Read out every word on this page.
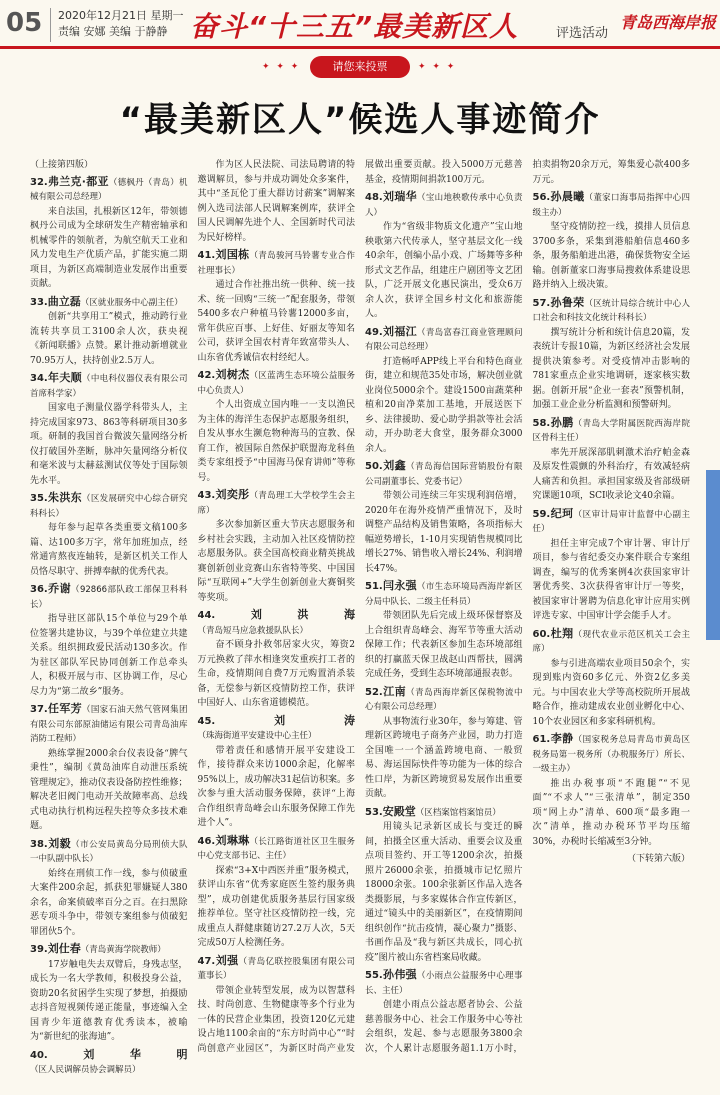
05 2020年12月21日 星期一
责编 安娜 美编 于静静 奋斗“十三五”最美新区人	评选活动
青岛西海岸报
✦ ✦ ✦	请您来投票	✦ ✦ ✦
“最美新区人”候选人事迹简介

（上接第四版）

32.弗兰克·都亚（德枫丹（青岛）机械有限公司总经理）

来自法国，扎根新区12年，带领德枫丹公司成为全球研发生产精密轴承和机械零件的领航者，为航空航天工业和风力发电生产优质产品，扩能实施二期项目，为新区高端制造业发展作出重要贡献。

33.曲立磊（区就业服务中心副主任）

创新“共享用工”模式，推动跨行业流转共享员工3100余人次，获央视《新闻联播》点赞。累计推动新增就业70.95万人，扶持创业2.5万人。

34.年夫顺（中电科仪器仪表有限公司首席科学家）

国家电子测量仪器学科带头人，主持完成国家973、863等科研项目30多项。研制的我国首台微波矢量网络分析仪打破国外垄断，脉冲矢量网络分析仪和毫米波与太赫兹测试仪等处于国际领先水平。

35.朱洪东（区发展研究中心综合研究科科长）

每年参与起草各类重要文稿100多篇、达100多万字，常年加班加点，经常通宵熬夜连轴转，是新区机关工作人员恪尽职守、拼搏奉献的优秀代表。

36.乔谢（92866部队政工部保卫科科长）

指导驻区部队15个单位与29个单位签署共建协议，与39个单位建立共建关系。组织拥政爱民活动130多次。作为驻区部队军民协同创新工作总牵头人，积极开展与市、区协调工作，尽心尽力为“第二故乡”服务。

37.任军芳（国家石油天然气管网集团有限公司东部原油储运有限公司青岛油库消防工程师）

熟练掌握2000余台仪表设备“脾气秉性”，编制《黄岛油库自动泄压系统管理规定》，推动仪表设备防控性维修；解决老旧阀门电动开关故障率高、总线式电动执行机构远程失控等众多技术难题。

38.刘毅（市公安局黄岛分局刑侦大队一中队副中队长）

始终在刑侦工作一线，参与侦破重大案件200余起，抓获犯罪嫌疑人380余名，命案侦破率百分之百。在扫黑除恶专项斗争中，带领专案组参与侦破犯罪团伙5个。

39.刘仕春（青岛黄海学院教师）

17岁触电失去双臂后，身残志坚，成长为一名大学教师，积极投身公益，资助20名贫困学生实现了梦想，拍摄励志抖音短视频传递正能量，事迹编入全国青少年道德教育优秀读本，被喻为“新世纪的张海迪”。

40.刘华明（区人民调解员协会调解员）

作为区人民法院、司法局聘请的特邀调解员，参与并成功调处众多案件，其中“圣瓦伦丁重大群访讨薪案”调解案例入选司法部人民调解案例库，获评全国人民调解先进个人、全国新时代司法为民好榜样。

41.刘国栋（青岛骏河马铃薯专业合作社理事长）

通过合作社推出统一供种、统一技术、统一回购“三统一”配套服务，带领5400多农户种植马铃薯12000多亩，常年供应百事、上好佳、好丽友等知名公司，获评全国农村青年致富带头人、山东省优秀诚信农村经纪人。

42.刘树杰（区蓝湾生态环境公益服务中心负责人）

个人出资成立国内唯一一支以渔民为主体的海洋生态保护志愿服务组织，自发从事水生濒危物种海马的宣教、保育工作，被国际自然保护联盟海龙科鱼类专家组授予“中国海马保育讲师”等称号。

43.刘奕彤（青岛理工大学校学生会主席）

多次参加新区重大节庆志愿服务和乡村社会实践，主动加入社区疫情防控志愿服务队。获全国高校商业精英挑战赛创新创业竞赛山东省特等奖、中国国际“互联网+”大学生创新创业大赛铜奖等奖项。

44.刘洪海（青岛短马应急救援队队长）

奋不顾身扑救邻居家火灾，筹资2万元换救了萍水相逢突发重疾打工者的生命，疫情期间自费7万元购置消杀装备，无偿参与新区疫情防控工作，获评中国好人、山东省道德模范。

45.刘涛（珠海街道平安建设中心主任）

带着责任和感情开展平安建设工作，接待群众来访1000余起，化解率95%以上，成功解决31起信访积案。多次参与重大活动服务保障，获评“上海合作组织青岛峰会山东服务保障工作先进个人”。

46.刘琳琳（长江路街道社区卫生服务中心党支部书记、主任）

探索“3+X中西医并重”服务模式，获评山东省“优秀家庭医生签约服务典型”，成功创建优质服务基层行国家级推荐单位。坚守社区疫情防控一线，完成重点人群健康随访27.2万人次，5天完成50万人检测任务。

47.刘强（青岛亿联控股集团有限公司董事长）

带领企业转型发展，成为以智慧科技、时尚创意、生物健康等多个行业为一体的民营企业集团，投资120亿元建设占地1100余亩的“东方时尚中心”“时尚创意产业园区”，为新区时尚产业发展做出重要贡献。投入5000万元慈善基金，疫情期间捐款100万元。

48.刘瑞华（宝山地秧歌传承中心负责人）

作为“省级非物质文化遗产”宝山地秧歌第六代传承人，坚守基层文化一线40余年，创编小品小戏、广场舞等多种形式文艺作品，组建庄户剧团等文艺团队，广泛开展文化惠民演出，受众6万余人次，获评全国乡村文化和旅游能人。

49.刘福江（青岛富春江商业管理顾问有限公司总经理）

打造畅呼APP线上平台和特色商业街，建立和规范35处市场，解决创业就业岗位5000余个。建设1500亩蔬菜种植和20亩净菜加工基地，开展送医下乡、法律援助、爱心助学捐款等社会活动，开办助老大食堂，服务群众3000余人。

50.刘鑫（青岛海信国际营销股份有限公司副董事长、党委书记）

带领公司连续三年实现利润倍增，2020年在海外疫情严重情况下，及时调整产品结构及销售策略，各项指标大幅逆势增长，1-10月实现销售规模同比增长27%、销售收入增长24%、利润增长47%。

51.闫永强（市生态环境局西海岸新区分局中队长、二级主任科员）

带领团队先后完成上级环保督察及上合组织青岛峰会、海军节等重大活动保障工作；代表新区参加生态环境部组织的打赢蓝天保卫战赵山西帮扶，圆满完成任务，受到生态环境部通报表彰。

52.江南（青岛西海岸新区保税物流中心有限公司总经理）

从事物流行业30年，参与筹建、管理新区跨境电子商务产业园，助力打造全国唯一一个涵盖跨境电商、一般贸易、海运国际快件等功能为一体的综合性口岸，为新区跨境贸易发展作出重要贡献。

53.安殿堂（区档案馆档案馆员）

用镜头记录新区成长与变迁的瞬间，拍摄全区重大活动、重要会议及重点项目签约、开工等1200余次，拍摄照片26000余张，拍摄城市记忆照片18000余张。100余张新区作品入选各类摄影展，与多家媒体合作宣传新区，通过“镜头中的美丽新区”，在疫情期间组织创作“抗击疫情，凝心聚力”摄影、书画作品及“我与新区共成长，同心抗疫”图片被山东省档案局收藏。

55.孙伟强（小雨点公益服务中心理事长、主任）

创建小雨点公益志愿者协会、公益慈善服务中心、社会工作服务中心等社会组织，发起、参与志愿服务3800余次，个人累计志愿服务超1.1万小时，拍卖捐物20余万元，筹集爱心款400多万元。

56.孙晨曦（董家口海事局指挥中心四级主办）

坚守疫情防控一线，摸排人员信息3700多条，采集到港船舶信息460多条，服务船舶进出港，确保货物安全运输。创新董家口海事局搜救体系建设思路并纳入上级决策。

57.孙鲁荣（区统计局综合统计中心人口社会和科技文化统计科科长）

撰写统计分析和统计信息20篇，发表统计专报10篇，为新区经济社会发展提供决策参考。对受疫情冲击影响的781家重点企业实地调研，逐家核实数据。创新开展“企业一套表”预警机制，加强工业企业分析监测和预警研判。

58.孙鹏（青岛大学附属医院西海岸院区骨科主任）

率先开展深部肌刺激术治疗帕金森及原发性震颤的外科治疗，有效减轻病人痛苦和负担。承担国家级及省部级研究课题10项，SCI收录论文40余篇。

59.纪珂（区审计局审计监督中心副主任）

担任主审完成7个审计署、审计厅项目，参与省纪委交办案件联合专案组调查，编写的优秀案例4次获国家审计署优秀奖、3次获得省审计厅一等奖，被国家审计署聘为信息化审计应用实例评选专家、中国审计学会能手人才。

60.杜翔（现代农业示范区机关工会主席）

参与引进高端农业项目50余个，实现到账内资60多亿元、外资2亿多美元。与中国农业大学等高校院所开展战略合作，推动建成农业创业孵化中心、10个农业园区和多家科研机构。

61.李静（国家税务总局青岛市黄岛区税务局第一税务所（办税服务厅）所长、一级主办）

推出办税事项“不跑腿”“不见面”“不求人”“三张清单”，制定350项“网上办”清单、600项“最多跑一次”清单，推动办税环节平均压缩30%，办税时长缩减至3分钟。

（下转第六版）
